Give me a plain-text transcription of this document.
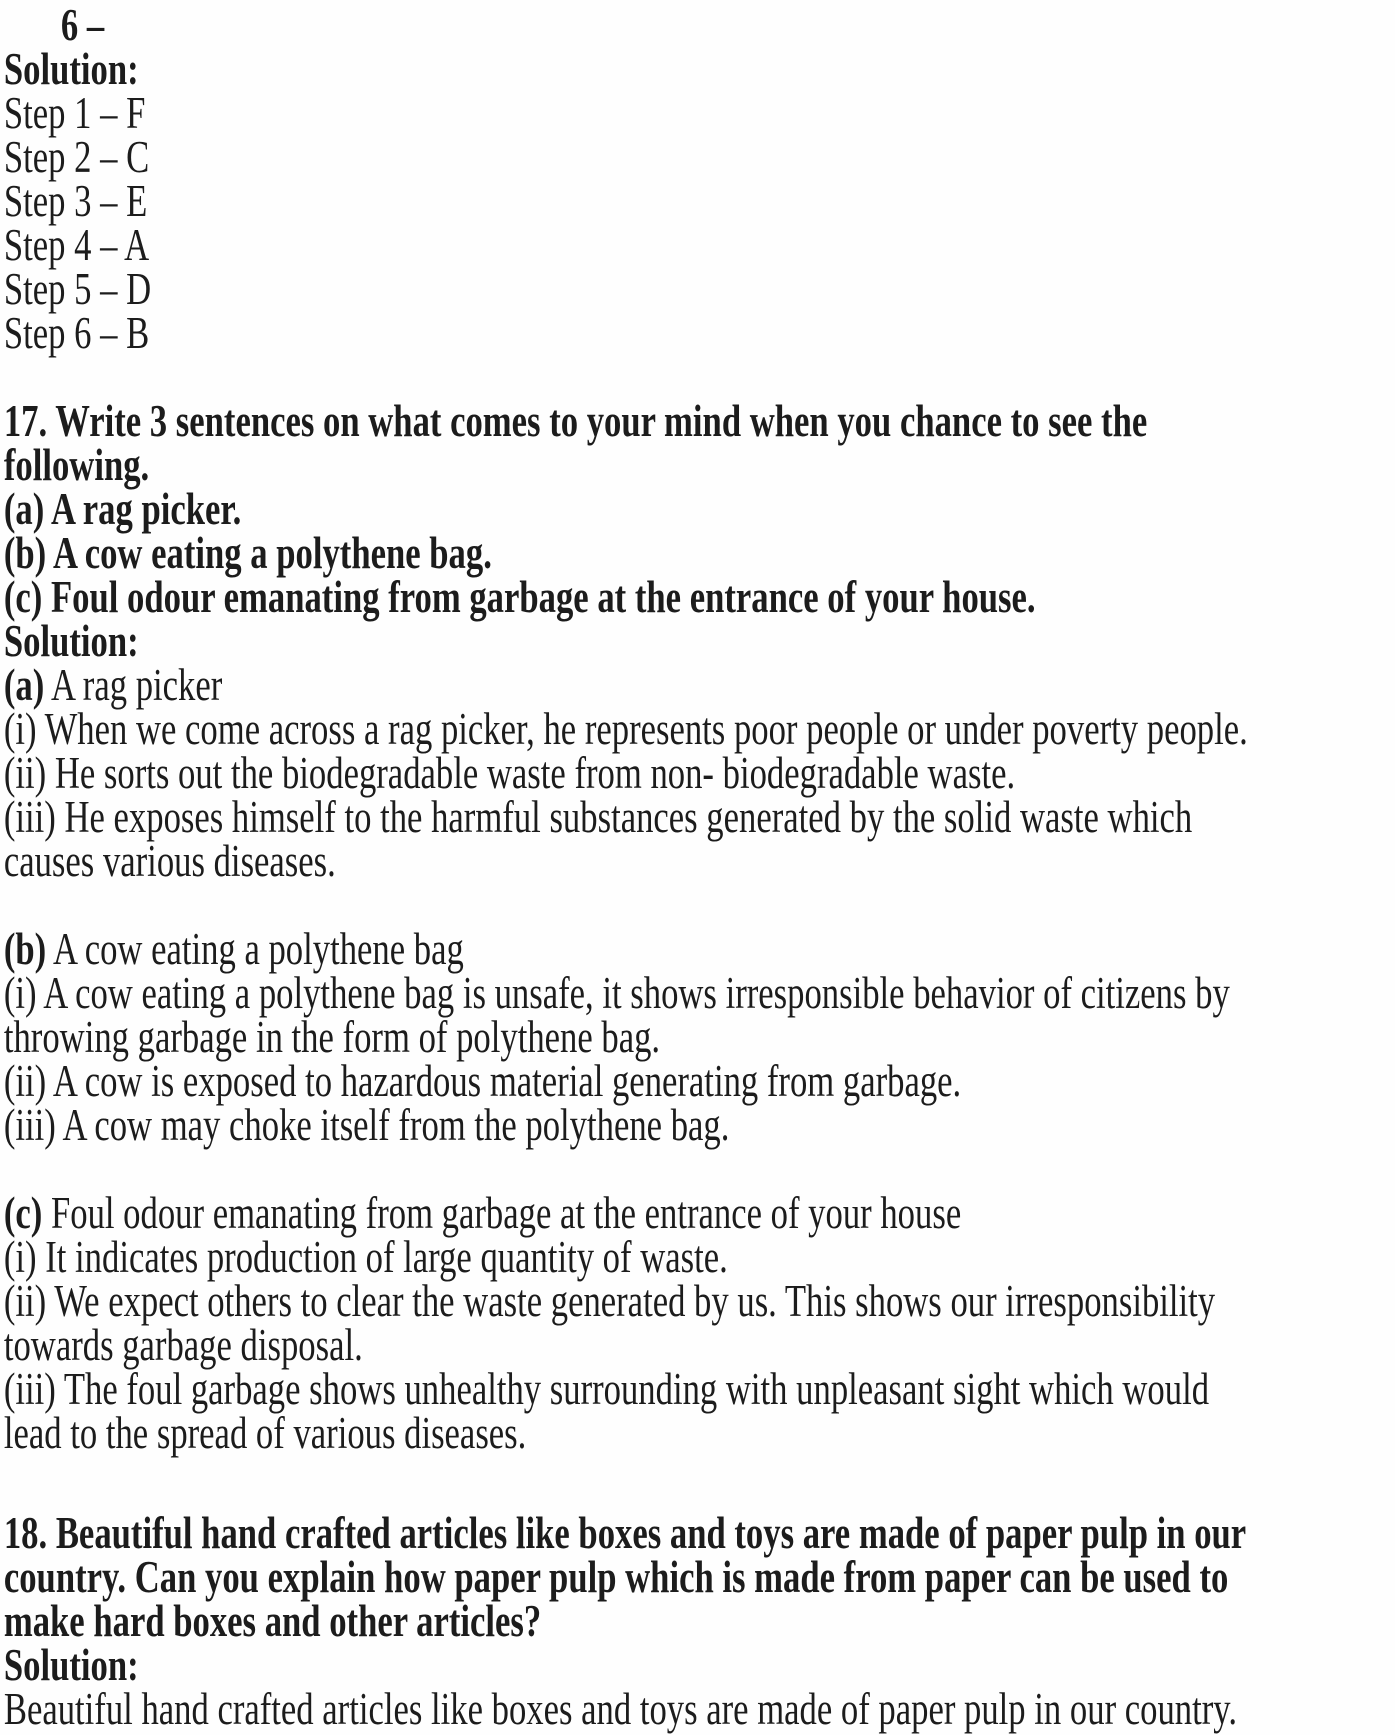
6 –
Solution:
Step 1 – F
Step 2 – C
Step 3 – E
Step 4 – A
Step 5 – D
Step 6 – B
17. Write 3 sentences on what comes to your mind when you chance to see the
following.
(a) A rag picker.
(b) A cow eating a polythene bag.
(c) Foul odour emanating from garbage at the entrance of your house.
Solution:
(a) A rag picker
(i) When we come across a rag picker, he represents poor people or under poverty people.
(ii) He sorts out the biodegradable waste from non- biodegradable waste.
(iii) He exposes himself to the harmful substances generated by the solid waste which
causes various diseases.
(b) A cow eating a polythene bag
(i) A cow eating a polythene bag is unsafe, it shows irresponsible behavior of citizens by
throwing garbage in the form of polythene bag.
(ii) A cow is exposed to hazardous material generating from garbage.
(iii) A cow may choke itself from the polythene bag.
(c) Foul odour emanating from garbage at the entrance of your house
(i) It indicates production of large quantity of waste.
(ii) We expect others to clear the waste generated by us. This shows our irresponsibility
towards garbage disposal.
(iii) The foul garbage shows unhealthy surrounding with unpleasant sight which would
lead to the spread of various diseases.
18. Beautiful hand crafted articles like boxes and toys are made of paper pulp in our
country. Can you explain how paper pulp which is made from paper can be used to
make hard boxes and other articles?
Solution:
Beautiful hand crafted articles like boxes and toys are made of paper pulp in our country.
